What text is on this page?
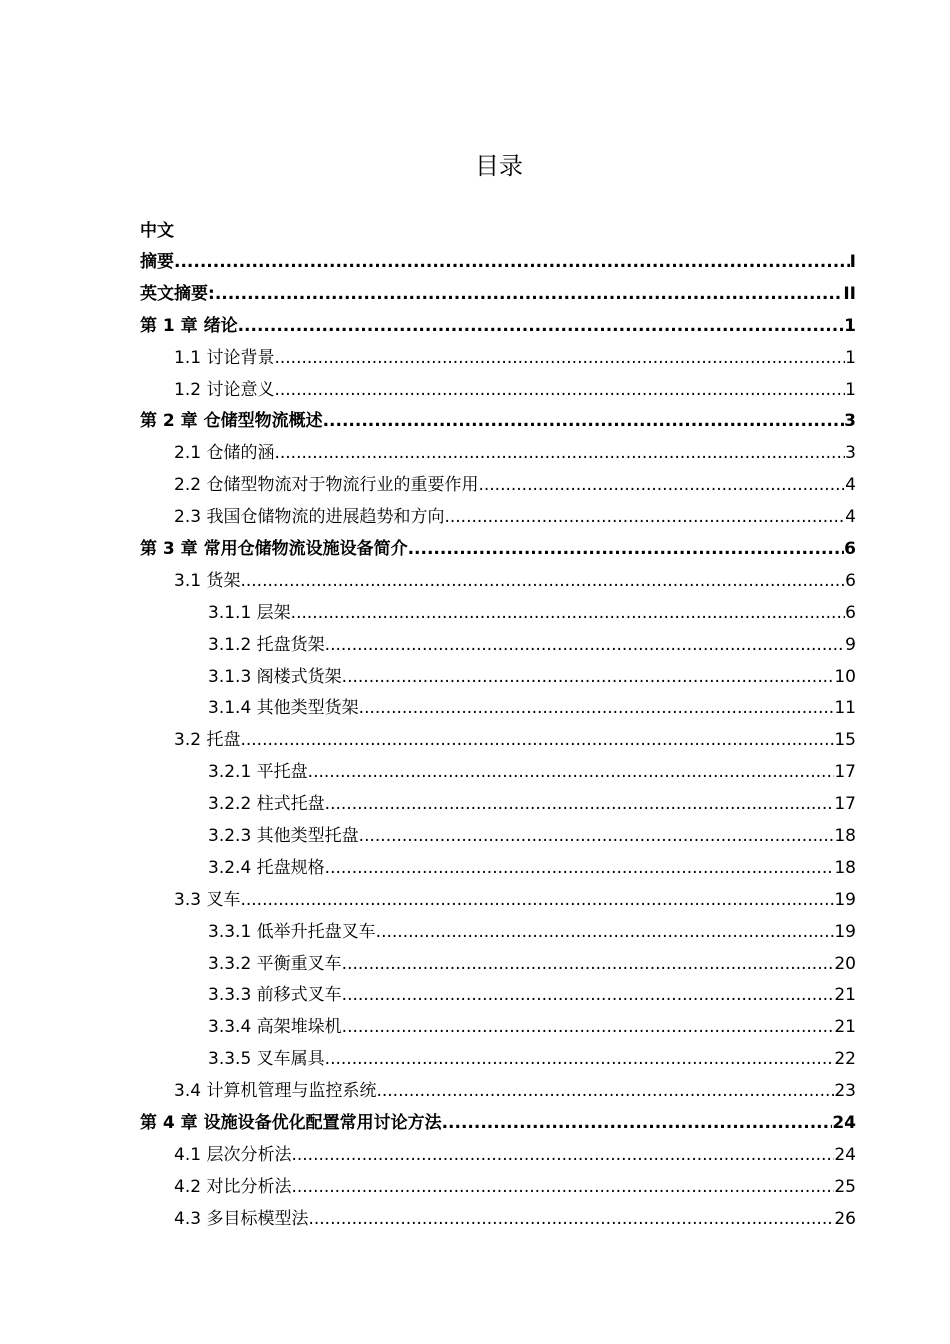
目录
中文
摘要 .....	I
英文摘要: .....	II
第 1 章 绪论 .....	1
1.1 讨论背景 .....	1
1.2 讨论意义 .....	1
第 2 章 仓储型物流概述 .....	3
2.1 仓储的涵 .....	3
2.2 仓储型物流对于物流行业的重要作用 .....	4
2.3 我国仓储物流的进展趋势和方向 .....	4
第 3 章 常用仓储物流设施设备简介 .....	6
3.1 货架 .....	6
3.1.1 层架 .....	6
3.1.2 托盘货架 .....	9
3.1.3 阁楼式货架 .....	10
3.1.4 其他类型货架 .....	11
3.2 托盘 .....	15
3.2.1 平托盘 .....	17
3.2.2 柱式托盘 .....	17
3.2.3 其他类型托盘 .....	18
3.2.4 托盘规格 .....	18
3.3 叉车 .....	19
3.3.1 低举升托盘叉车 .....	19
3.3.2 平衡重叉车 .....	20
3.3.3 前移式叉车 .....	21
3.3.4 高架堆垛机 .....	21
3.3.5 叉车属具 .....	22
3.4 计算机管理与监控系统 .....	23
第 4 章 设施设备优化配置常用讨论方法 .....	24
4.1 层次分析法 .....	24
4.2 对比分析法 .....	25
4.3 多目标模型法 .....	26
